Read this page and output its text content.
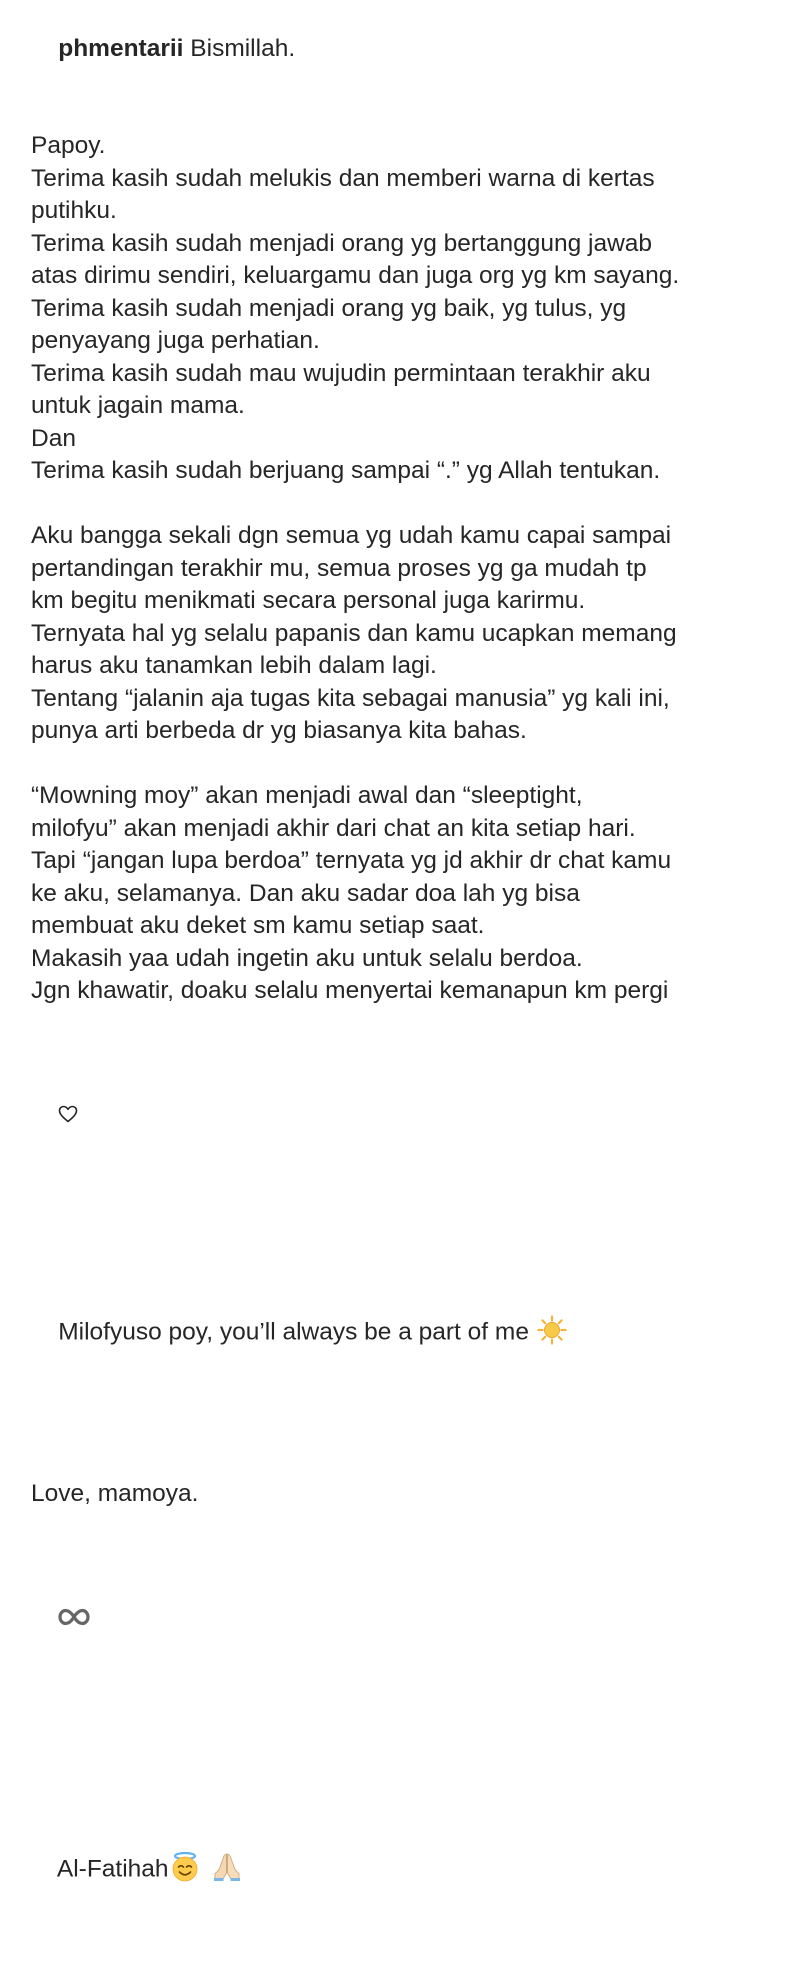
phmentarii Bismillah.

Papoy.
Terima kasih sudah melukis dan memberi warna di kertas
putihku.
Terima kasih sudah menjadi orang yg bertanggung jawab
atas dirimu sendiri, keluargamu dan juga org yg km sayang.
Terima kasih sudah menjadi orang yg baik, yg tulus, yg
penyayang juga perhatian.
Terima kasih sudah mau wujudin permintaan terakhir aku
untuk jagain mama.
Dan
Terima kasih sudah berjuang sampai “.” yg Allah tentukan.
Aku bangga sekali dgn semua yg udah kamu capai sampai
pertandingan terakhir mu, semua proses yg ga mudah tp
km begitu menikmati secara personal juga karirmu.
Ternyata hal yg selalu papanis dan kamu ucapkan memang
harus aku tanamkan lebih dalam lagi.
Tentang “jalanin aja tugas kita sebagai manusia” yg kali ini,
punya arti berbeda dr yg biasanya kita bahas.
“Mowning moy” akan menjadi awal dan “sleeptight,
milofyu” akan menjadi akhir dari chat an kita setiap hari.
Tapi “jangan lupa berdoa” ternyata yg jd akhir dr chat kamu
ke aku, selamanya. Dan aku sadar doa lah yg bisa
membuat aku deket sm kamu setiap saat.
Makasih yaa udah ingetin aku untuk selalu berdoa.
Jgn khawatir, doaku selalu menyertai kemanapun km pergi

Milofyuso poy, you’ll always be a part of me

Love, mamoya.

Al-Fatihah
